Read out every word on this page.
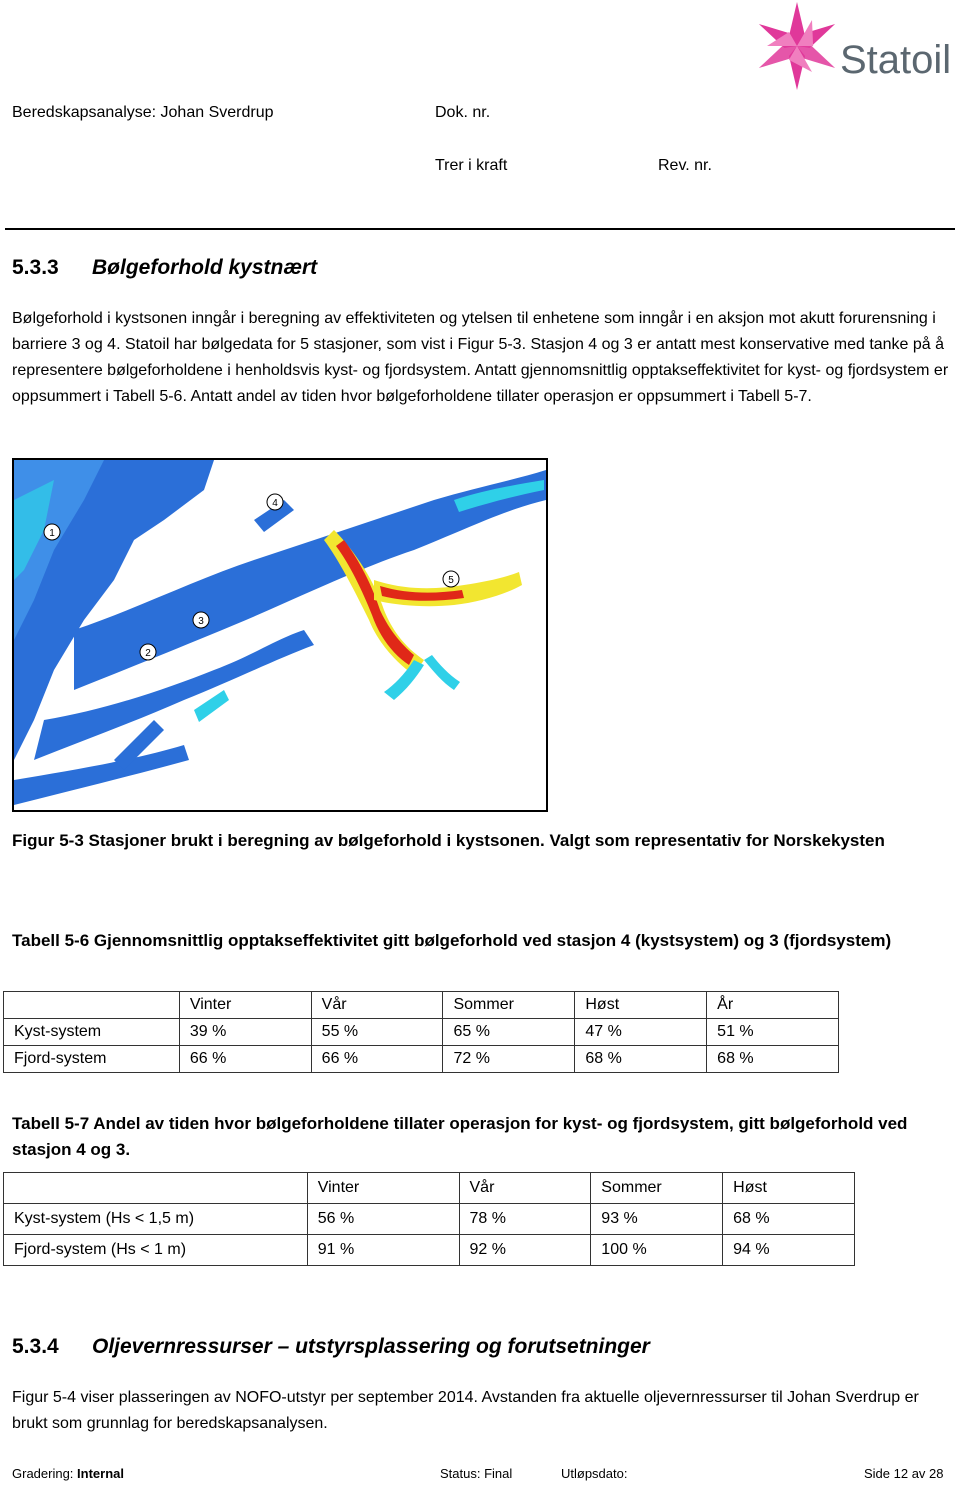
Statoil
Beredskapsanalyse: Johan Sverdrup	Dok. nr.
Trer i kraft	Rev. nr.
5.3.3 Bølgeforhold kystnært
Bølgeforhold i kystsonen inngår i beregning av effektiviteten og ytelsen til enhetene som inngår i en aksjon mot akutt forurensning i barriere 3 og 4. Statoil har bølgedata for 5 stasjoner, som vist i Figur 5-3. Stasjon 4 og 3 er antatt mest konservative med tanke på å representere bølgeforholdene i henholdsvis kyst- og fjordsystem. Antatt gjennomsnittlig opptakseffektivitet for kyst- og fjordsystem er oppsummert i Tabell 5-6. Antatt andel av tiden hvor bølgeforholdene tillater operasjon er oppsummert i Tabell 5-7.
1
2
3
4
5
Figur 5-3 Stasjoner brukt i beregning av bølgeforhold i kystsonen. Valgt som representativ for Norskekysten
Tabell 5-6 Gjennomsnittlig opptakseffektivitet gitt bølgeforhold ved stasjon 4 (kystsystem) og 3 (fjordsystem)
	Vinter	Vår	Sommer	Høst	År
Kyst-system	39 %	55 %	65 %	47 %	51 %
Fjord-system	66 %	66 %	72 %	68 %	68 %
Tabell 5-7 Andel av tiden hvor bølgeforholdene tillater operasjon for kyst- og fjordsystem, gitt bølgeforhold ved stasjon 4 og 3.
	Vinter	Vår	Sommer	Høst
Kyst-system (Hs < 1,5 m)	56 %	78 %	93 %	68 %
Fjord-system (Hs < 1 m)	91 %	92 %	100 %	94 %
5.3.4 Oljevernressurser – utstyrsplassering og forutsetninger
Figur 5-4 viser plasseringen av NOFO-utstyr per september 2014. Avstanden fra aktuelle oljevernressurser til Johan Sverdrup er brukt som grunnlag for beredskapsanalysen.
Gradering: Internal	Status: Final	Utløpsdato:	Side 12 av 28
